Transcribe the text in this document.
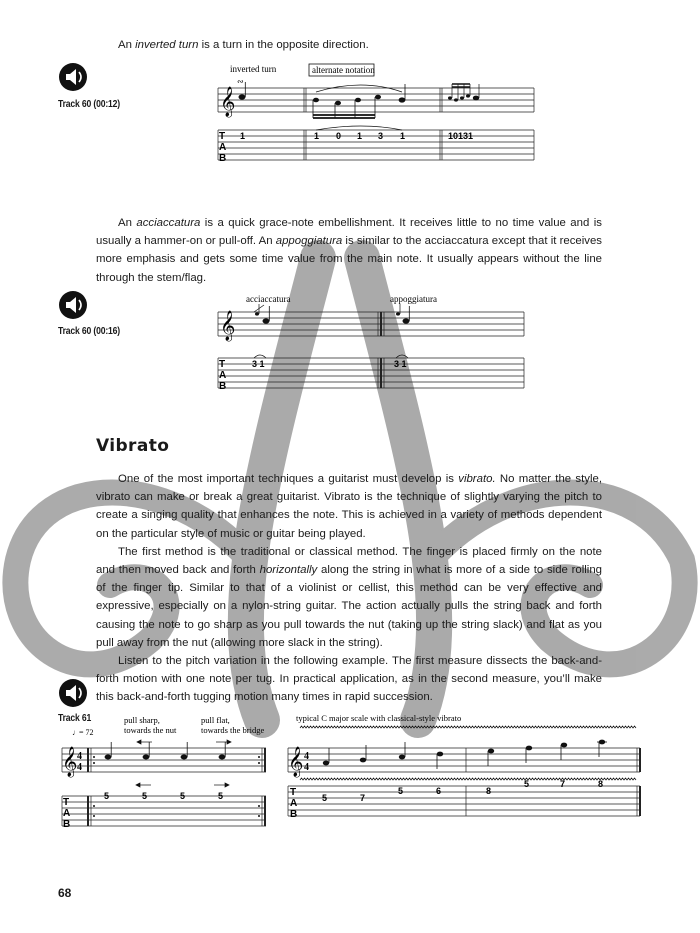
An inverted turn is a turn in the opposite direction.
Track 60 (00:12)
inverted turn	alternate notation
𝄞
∾
T
A
B
1	1 0 1 3 1	10131

An acciaccatura is a quick grace-note embellishment. It receives little to no time value and is usually a hammer-on or pull-off. An appoggiatura is similar to the acciaccatura except that it receives more emphasis and gets some time value from the main note. It usually appears without the line through the stem/flag.

Track 60 (00:16)
acciaccatura	appoggiatura
𝄞
T
A
B
3 1	3 1
Vibrato

One of the most important techniques a guitarist must develop is vibrato. No matter the style, vibrato can make or break a great guitarist. Vibrato is the technique of slightly varying the pitch to create a singing quality that enhances the note. This is achieved in a variety of methods dependent on the particular style of music or guitar being played.

The first method is the traditional or classical method. The finger is placed firmly on the note and then moved back and forth horizontally along the string in what is more of a side to side rolling of the finger tip. Similar to that of a violinist or cellist, this method can be very effective and expressive, especially on a nylon-string guitar. The action actually pulls the string back and forth causing the note to go sharp as you pull towards the nut (taking up the string slack) and flat as you pull away from the nut (allowing more slack in the string).

Listen to the pitch variation in the following example. The first measure dissects the back-and-forth motion with one note per tug. In practical application, as in the second measure, you’ll make this back-and-forth tugging motion many times in rapid succession.

Track 61
♩ = 72
pull sharp,
towards the nut
pull flat,
towards the bridge
typical C major scale with classical-style vibrato
𝄞 4
4
T
A
B
5	5	5	5
𝄞 4
4
T
A
B
5	7
5	6	8
5	7	8
68
